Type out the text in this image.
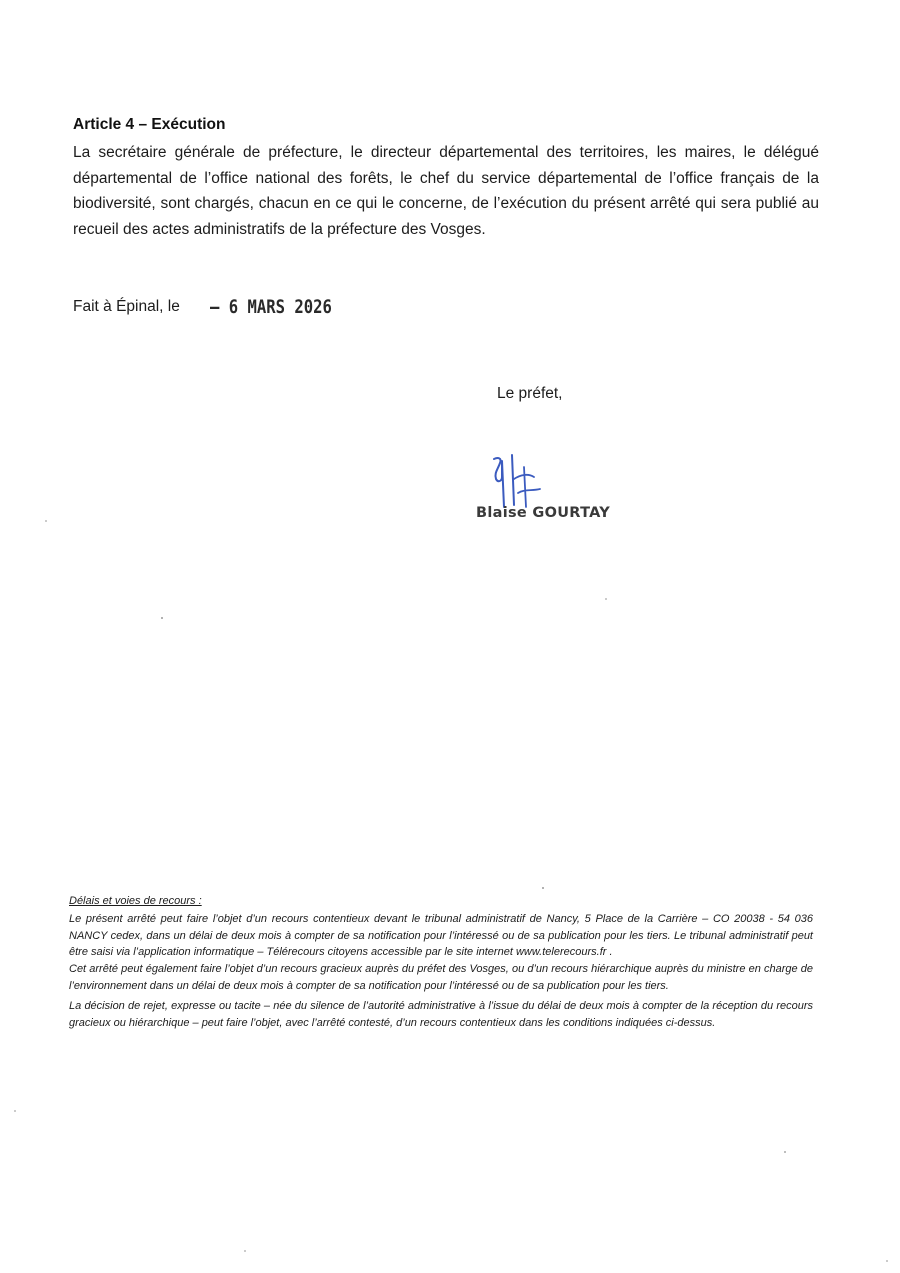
Article 4 – Exécution
La secrétaire générale de préfecture, le directeur départemental des territoires, les maires, le délégué départemental de l’office national des forêts, le chef du service départemental de l’office français de la biodiversité, sont chargés, chacun en ce qui le concerne, de l’exécution du présent arrêté qui sera publié au recueil des actes administratifs de la préfecture des Vosges.
Fait à Épinal, le – 6 MARS 2026
Le préfet,
Blaise GOURTAY
Délais et voies de recours :

Le présent arrêté peut faire l’objet d’un recours contentieux devant le tribunal administratif de Nancy, 5 Place de la Carrière – CO 20038 - 54 036 NANCY cedex, dans un délai de deux mois à compter de sa notification pour l’intéressé ou de sa publication pour les tiers. Le tribunal administratif peut être saisi via l’application informatique – Télérecours citoyens accessible par le site internet www.telerecours.fr .

Cet arrêté peut également faire l’objet d’un recours gracieux auprès du préfet des Vosges, ou d’un recours hiérarchique auprès du ministre en charge de l’environnement dans un délai de deux mois à compter de sa notification pour l’intéressé ou de sa publication pour les tiers.

La décision de rejet, expresse ou tacite – née du silence de l’autorité administrative à l’issue du délai de deux mois à compter de la réception du recours gracieux ou hiérarchique – peut faire l’objet, avec l’arrêté contesté, d’un recours contentieux dans les conditions indiquées ci-dessus.
